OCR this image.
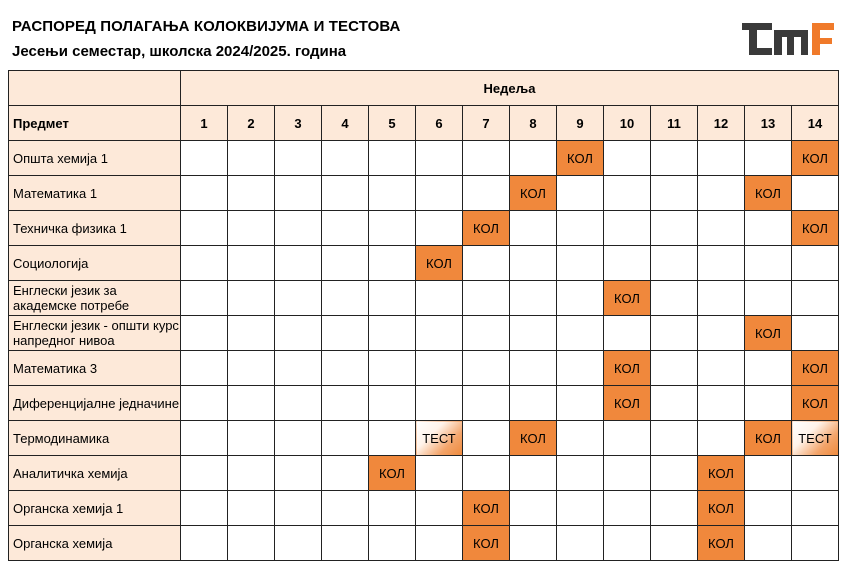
РАСПОРЕД ПОЛАГАЊА КОЛОКВИЈУМА И ТЕСТОВА
Јесењи семестар, школска 2024/2025. година
	Недеља													
Предмет	1	2	3	4	5	6	7	8	9	10	11	12	13	14
Општа хемија 1									КОЛ					КОЛ
Математика 1								КОЛ					КОЛ	
Техничка физика 1							КОЛ							КОЛ
Социологија						КОЛ								
Енглески језик за академске потребе										КОЛ				
Енглески језик - општи курс напредног нивоа													КОЛ	
Математика 3										КОЛ				КОЛ
Диференцијалне једначине										КОЛ				КОЛ
Термодинамика						ТЕСТ		КОЛ					КОЛ	ТЕСТ
Аналитичка хемија					КОЛ							КОЛ		
Органска хемија 1							КОЛ					КОЛ		
Органска хемија							КОЛ					КОЛ		
